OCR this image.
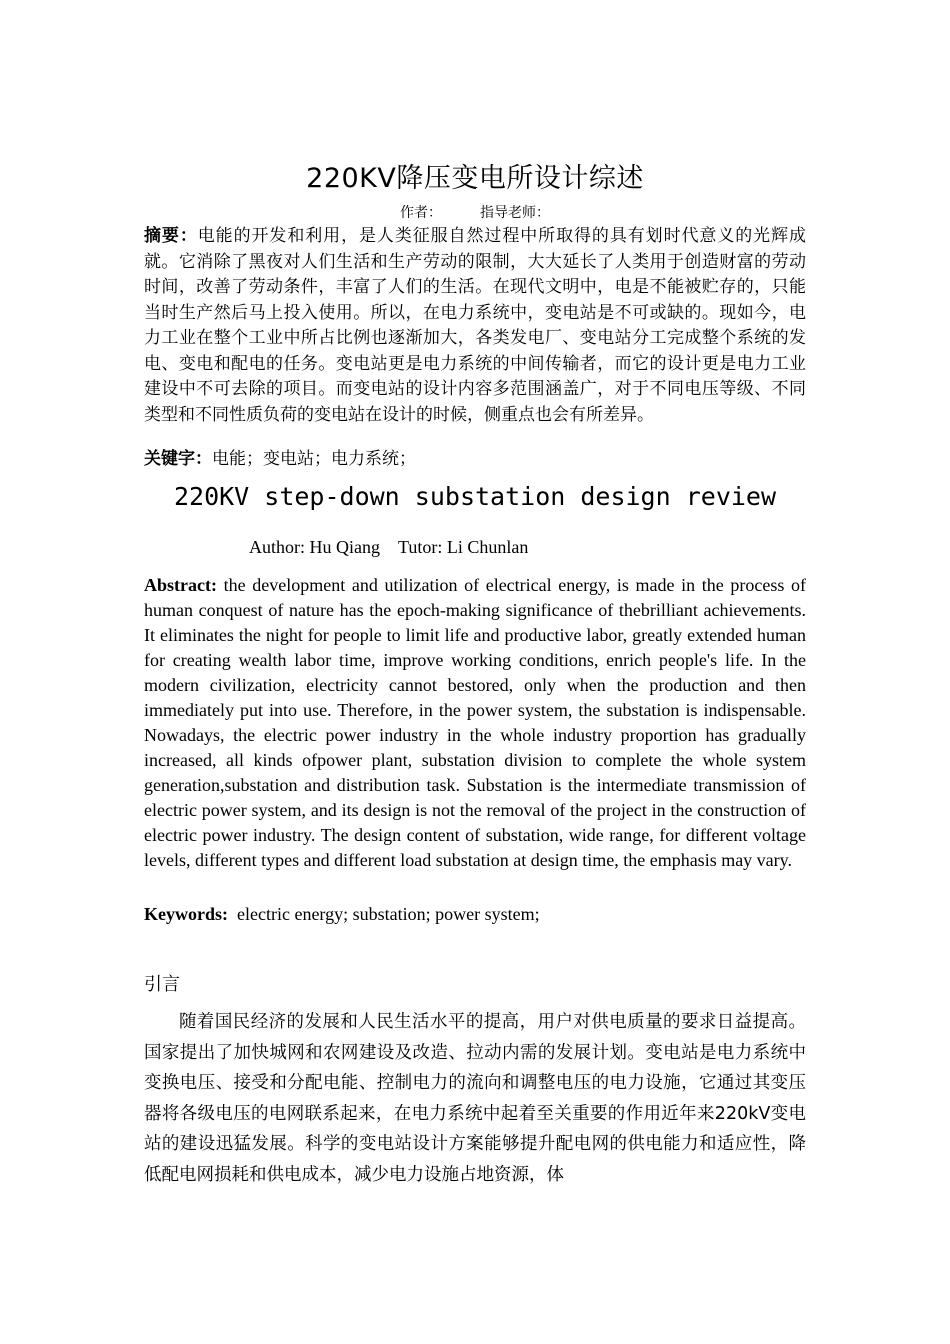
220KV降压变电所设计综述
作者：	指导老师：
摘要：电能的开发和利用，是人类征服自然过程中所取得的具有划时代意义的光辉成就。它消除了黑夜对人们生活和生产劳动的限制，大大延长了人类用于创造财富的劳动时间，改善了劳动条件，丰富了人们的生活。在现代文明中，电是不能被贮存的，只能当时生产然后马上投入使用。所以，在电力系统中，变电站是不可或缺的。现如今，电力工业在整个工业中所占比例也逐渐加大，各类发电厂、变电站分工完成整个系统的发电、变电和配电的任务。变电站更是电力系统的中间传输者，而它的设计更是电力工业建设中不可去除的项目。而变电站的设计内容多范围涵盖广，对于不同电压等级、不同类型和不同性质负荷的变电站在设计的时候，侧重点也会有所差异。
关键字：电能；变电站；电力系统；
220KV step-down substation design review
Author: Hu Qiang Tutor: Li Chunlan
Abstract: the development and utilization of electrical energy, is made in the process of human conquest of nature has the epoch-making significance of thebrilliant achievements. It eliminates the night for people to limit life and productive labor, greatly extended human for creating wealth labor time, improve working conditions, enrich people's life. In the modern civilization, electricity cannot bestored, only when the production and then immediately put into use. Therefore, in the power system, the substation is indispensable. Nowadays, the electric power industry in the whole industry proportion has gradually increased, all kinds ofpower plant, substation division to complete the whole system generation,substation and distribution task. Substation is the intermediate transmission of electric power system, and its design is not the removal of the project in the construction of electric power industry. The design content of substation, wide range, for different voltage levels, different types and different load substation at design time, the emphasis may vary.
Keywords:  electric energy; substation; power system;
引言
随着国民经济的发展和人民生活水平的提高，用户对供电质量的要求日益提高。国家提出了加快城网和农网建设及改造、拉动内需的发展计划。变电站是电力系统中变换电压、接受和分配电能、控制电力的流向和调整电压的电力设施，它通过其变压器将各级电压的电网联系起来，在电力系统中起着至关重要的作用近年来220kV变电站的建设迅猛发展。科学的变电站设计方案能够提升配电网的供电能力和适应性，降低配电网损耗和供电成本，减少电力设施占地资源，体
